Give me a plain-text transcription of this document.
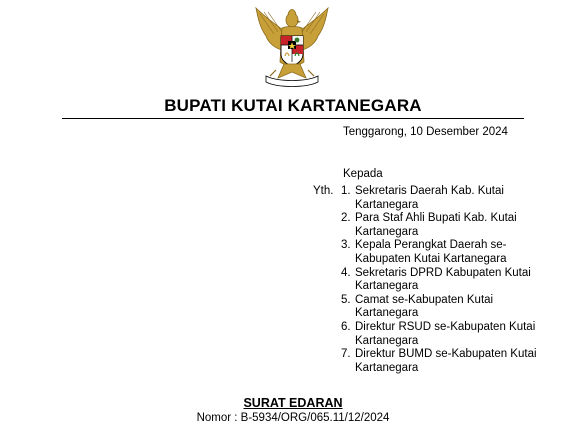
BUPATI KUTAI KARTANEGARA
Tenggarong, 10 Desember 2024
Kepada
Yth. 1. Sekretaris Daerah Kab. Kutai Kartanegara
2. Para Staf Ahli Bupati Kab. Kutai Kartanegara
3. Kepala Perangkat Daerah se-Kabupaten Kutai Kartanegara
4. Sekretaris DPRD Kabupaten Kutai Kartanegara
5. Camat se-Kabupaten Kutai Kartanegara
6. Direktur RSUD se-Kabupaten Kutai Kartanegara
7. Direktur BUMD se-Kabupaten Kutai Kartanegara
SURAT EDARAN
Nomor : B-5934/ORG/065.11/12/2024
